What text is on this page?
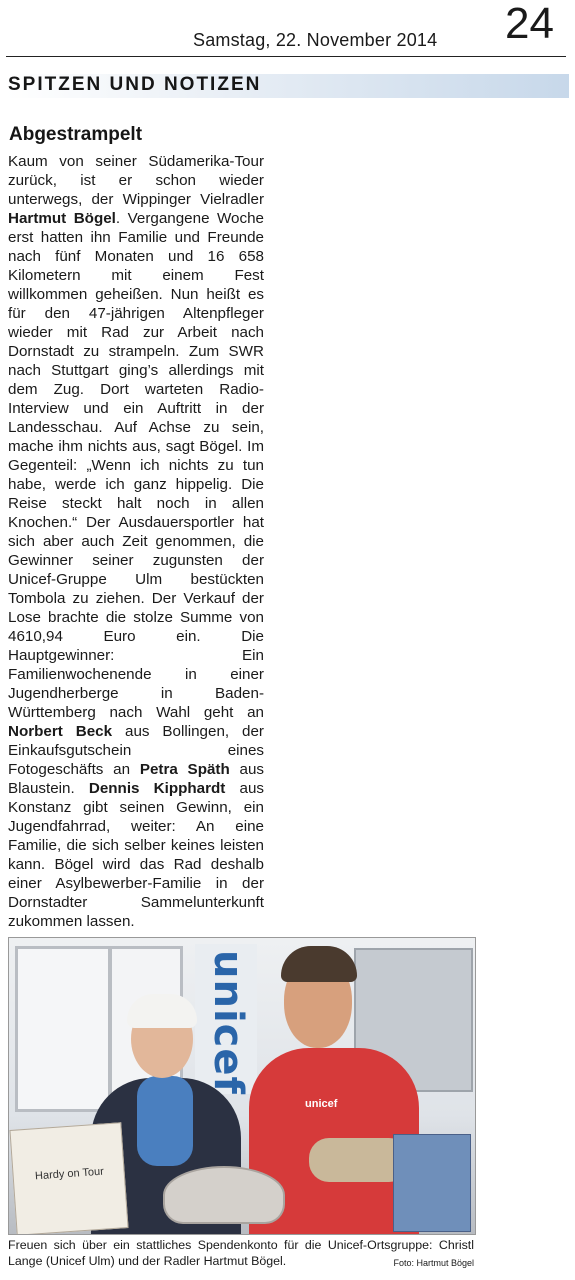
Samstag, 22. November 2014 24
SPITZEN UND NOTIZEN
Abgestrampelt

Kaum von seiner Südamerika-Tour zurück, ist er schon wieder unterwegs, der Wippinger Vielradler Hartmut Bögel. Vergangene Woche erst hatten ihn Familie und Freunde nach fünf Monaten und 16 658 Kilometern mit einem Fest willkommen geheißen. Nun heißt es für den 47-jährigen Altenpfleger wieder mit Rad zur Arbeit nach Dornstadt zu strampeln. Zum SWR nach Stuttgart ging’s allerdings mit dem Zug. Dort warteten Radio-Interview und ein Auftritt in der Landesschau. Auf Achse zu sein, mache ihm nichts aus, sagt Bögel. Im Gegenteil: „Wenn ich nichts zu tun habe, werde ich ganz hippelig. Die Reise steckt halt noch in allen Knochen.“ Der Ausdauersportler hat sich aber auch Zeit genommen, die Gewinner seiner zugunsten der Unicef-Gruppe Ulm bestückten Tombola zu ziehen. Der Verkauf der Lose brachte die stolze Summe von 4610,94 Euro ein. Die Hauptgewinner: Ein Familienwochenende in einer Jugendherberge in Baden-Württemberg nach Wahl geht an Norbert Beck aus Bollingen, der Einkaufsgutschein eines Fotogeschäfts an Petra Späth aus Blaustein. Dennis Kipphardt aus Konstanz gibt seinen Gewinn, ein Jugendfahrrad, weiter: An eine Familie, die sich selber keines leisten kann. Bögel wird das Rad deshalb einer Asylbewerber-Familie in der Dornstadter Sammelunterkunft zukommen lassen.

unicef
unicef
Hardy on Tour
Freuen sich über ein stattliches Spendenkonto für die Unicef-Ortsgruppe: Christl Lange (Unicef Ulm) und der Radler Hartmut Bögel.	Foto: Hartmut Bögel
